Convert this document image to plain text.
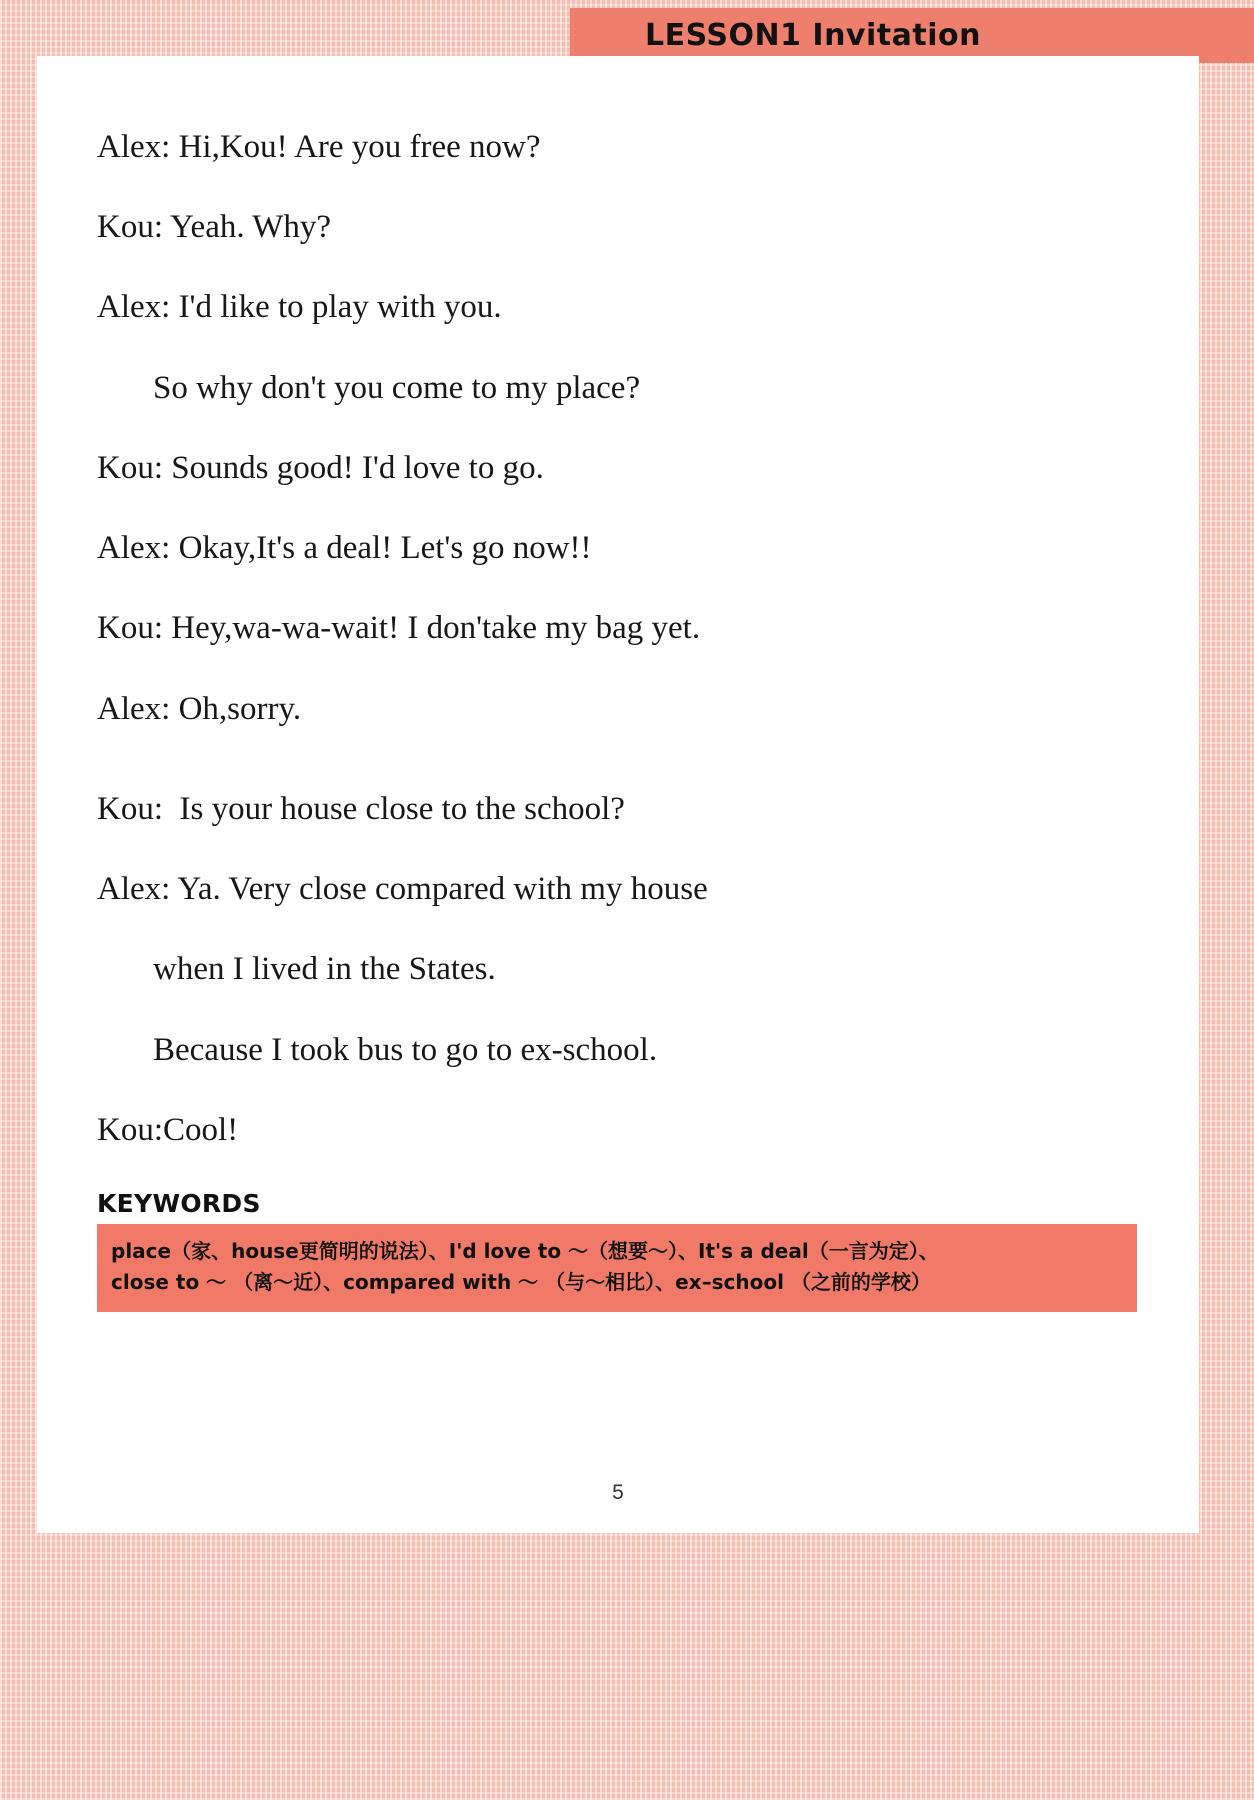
LESSON1 Invitation
Alex: Hi,Kou! Are you free now?
Kou: Yeah. Why?
Alex: I'd like to play with you.
So why don't you come to my place?
Kou: Sounds good! I'd love to go.
Alex: Okay,It's a deal! Let's go now!!
Kou: Hey,wa-wa-wait! I don'take my bag yet.
Alex: Oh,sorry.
Kou:  Is your house close to the school?
Alex: Ya. Very close compared with my house
when I lived in the States.
Because I took bus to go to ex-school.
Kou:Cool!
KEYWORDS
place（家、house更简明的说法）、I'd love to ～（想要～）、It's a deal（一言为定）、
close to ～ （离～近）、compared with ～ （与～相比）、ex–school （之前的学校）
5
